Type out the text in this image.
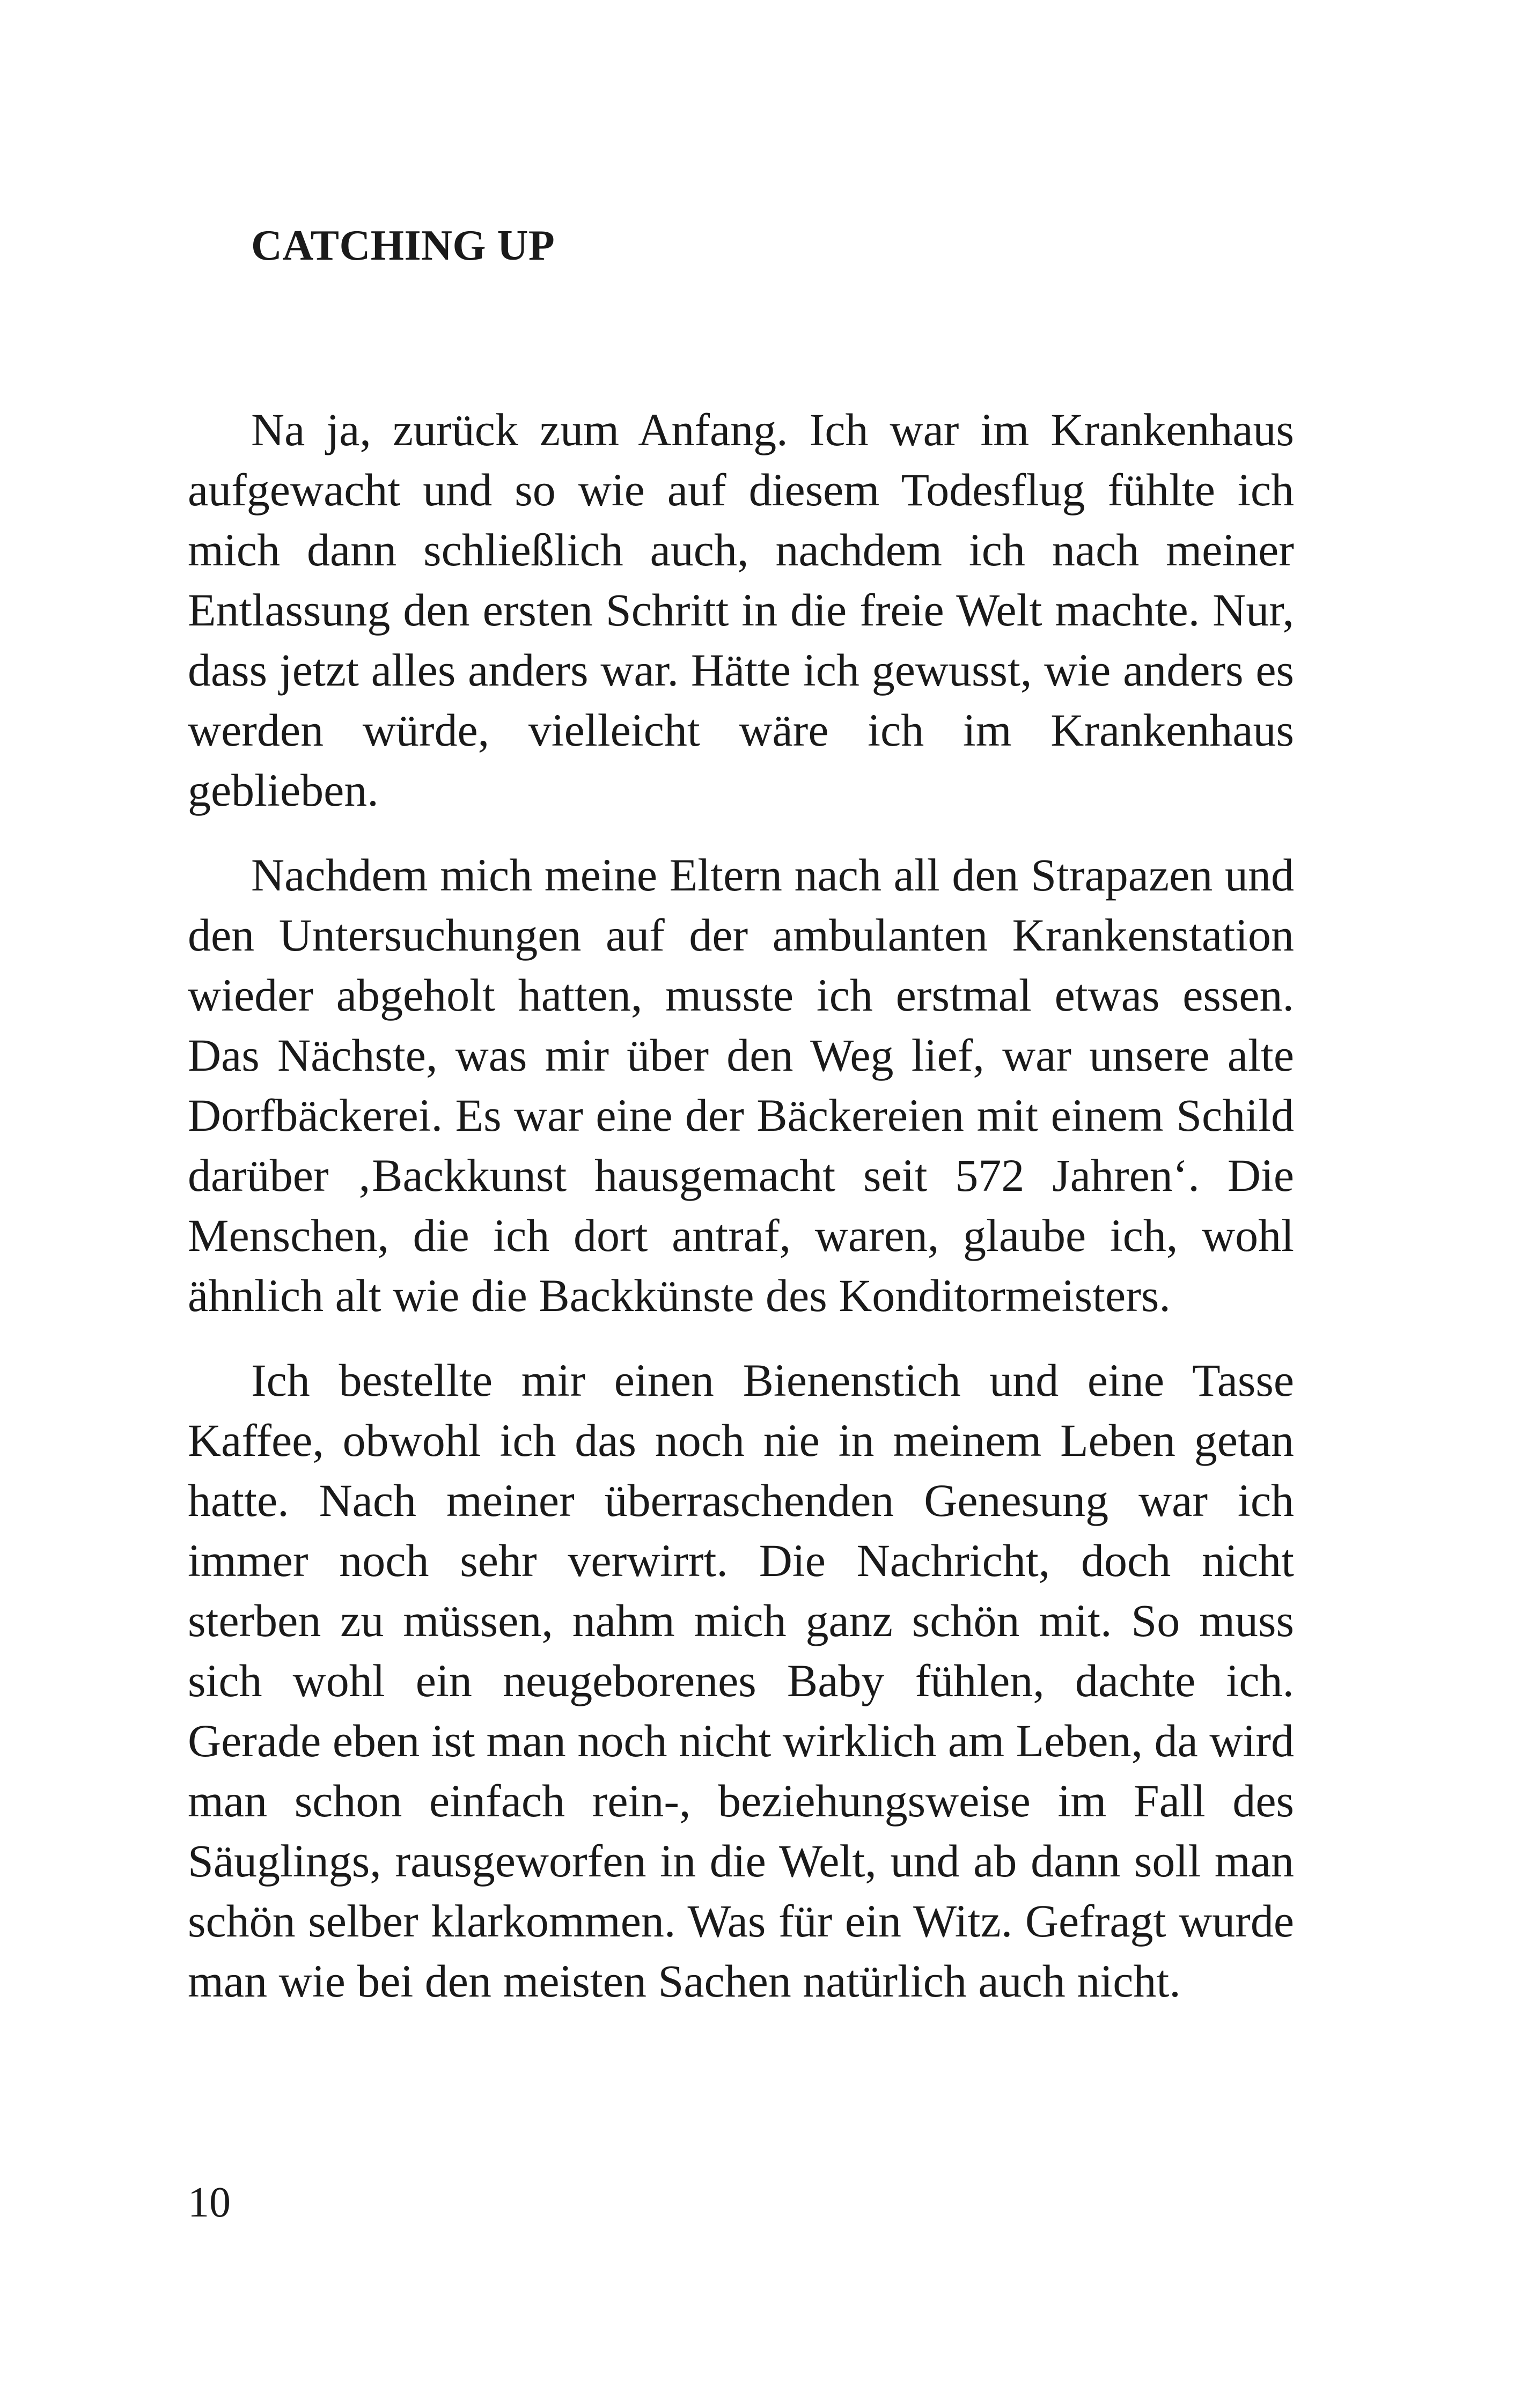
CATCHING UP

Na ja, zurück zum Anfang. Ich war im Krankenhaus aufgewacht und so wie auf diesem Todesflug fühlte ich mich dann schließlich auch, nachdem ich nach meiner Entlassung den ersten Schritt in die freie Welt machte. Nur, dass jetzt alles anders war. Hätte ich gewusst, wie anders es werden würde, vielleicht wäre ich im Krankenhaus geblieben.

Nachdem mich meine Eltern nach all den Strapazen und den Untersuchungen auf der ambulanten Krankenstation wieder abgeholt hatten, musste ich erstmal etwas essen. Das Nächste, was mir über den Weg lief, war unsere alte Dorfbäckerei. Es war eine der Bäckereien mit einem Schild darüber ‚Backkunst hausgemacht seit 572 Jahren‘. Die Menschen, die ich dort antraf, waren, glaube ich, wohl ähnlich alt wie die Backkünste des Konditormeisters.

Ich bestellte mir einen Bienenstich und eine Tasse Kaffee, obwohl ich das noch nie in meinem Leben getan hatte. Nach meiner überraschenden Genesung war ich immer noch sehr verwirrt. Die Nachricht, doch nicht sterben zu müssen, nahm mich ganz schön mit. So muss sich wohl ein neugeborenes Baby fühlen, dachte ich. Gerade eben ist man noch nicht wirklich am Leben, da wird man schon einfach rein-, beziehungsweise im Fall des Säuglings, rausgeworfen in die Welt, und ab dann soll man schön selber klarkommen. Was für ein Witz. Gefragt wurde man wie bei den meisten Sachen natürlich auch nicht.

10
